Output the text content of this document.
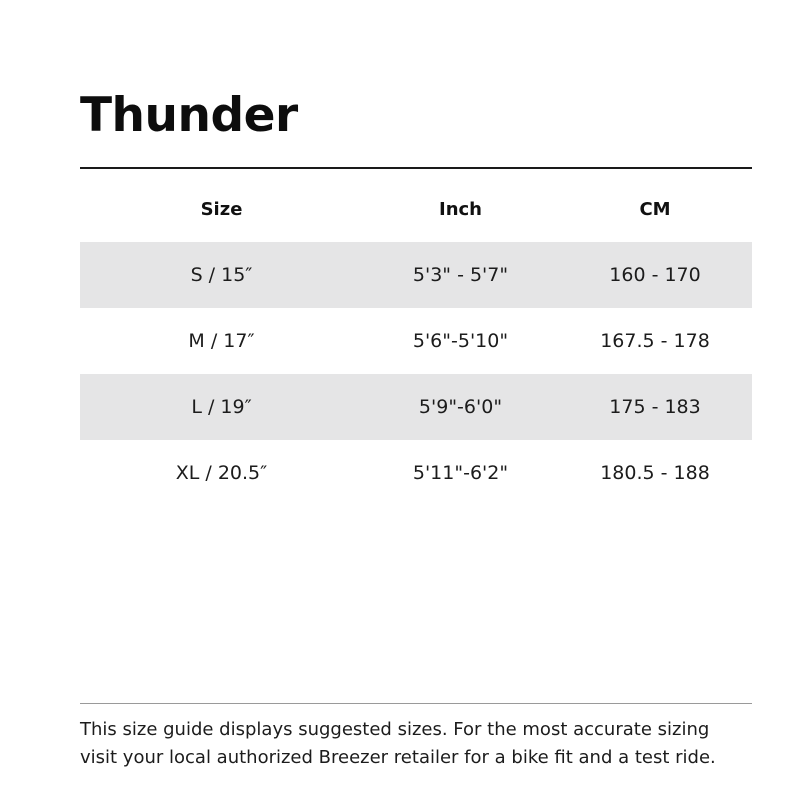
Thunder
Size	Inch	CM
S / 15″	5'3" - 5'7"	160 - 170
M / 17″	5'6"-5'10"	167.5 - 178
L / 19″	5'9"-6'0"	175 - 183
XL / 20.5″	5'11"-6'2"	180.5 - 188

This size guide displays suggested sizes. For the most accurate sizing
visit your local authorized Breezer retailer for a bike fit and a test ride.
